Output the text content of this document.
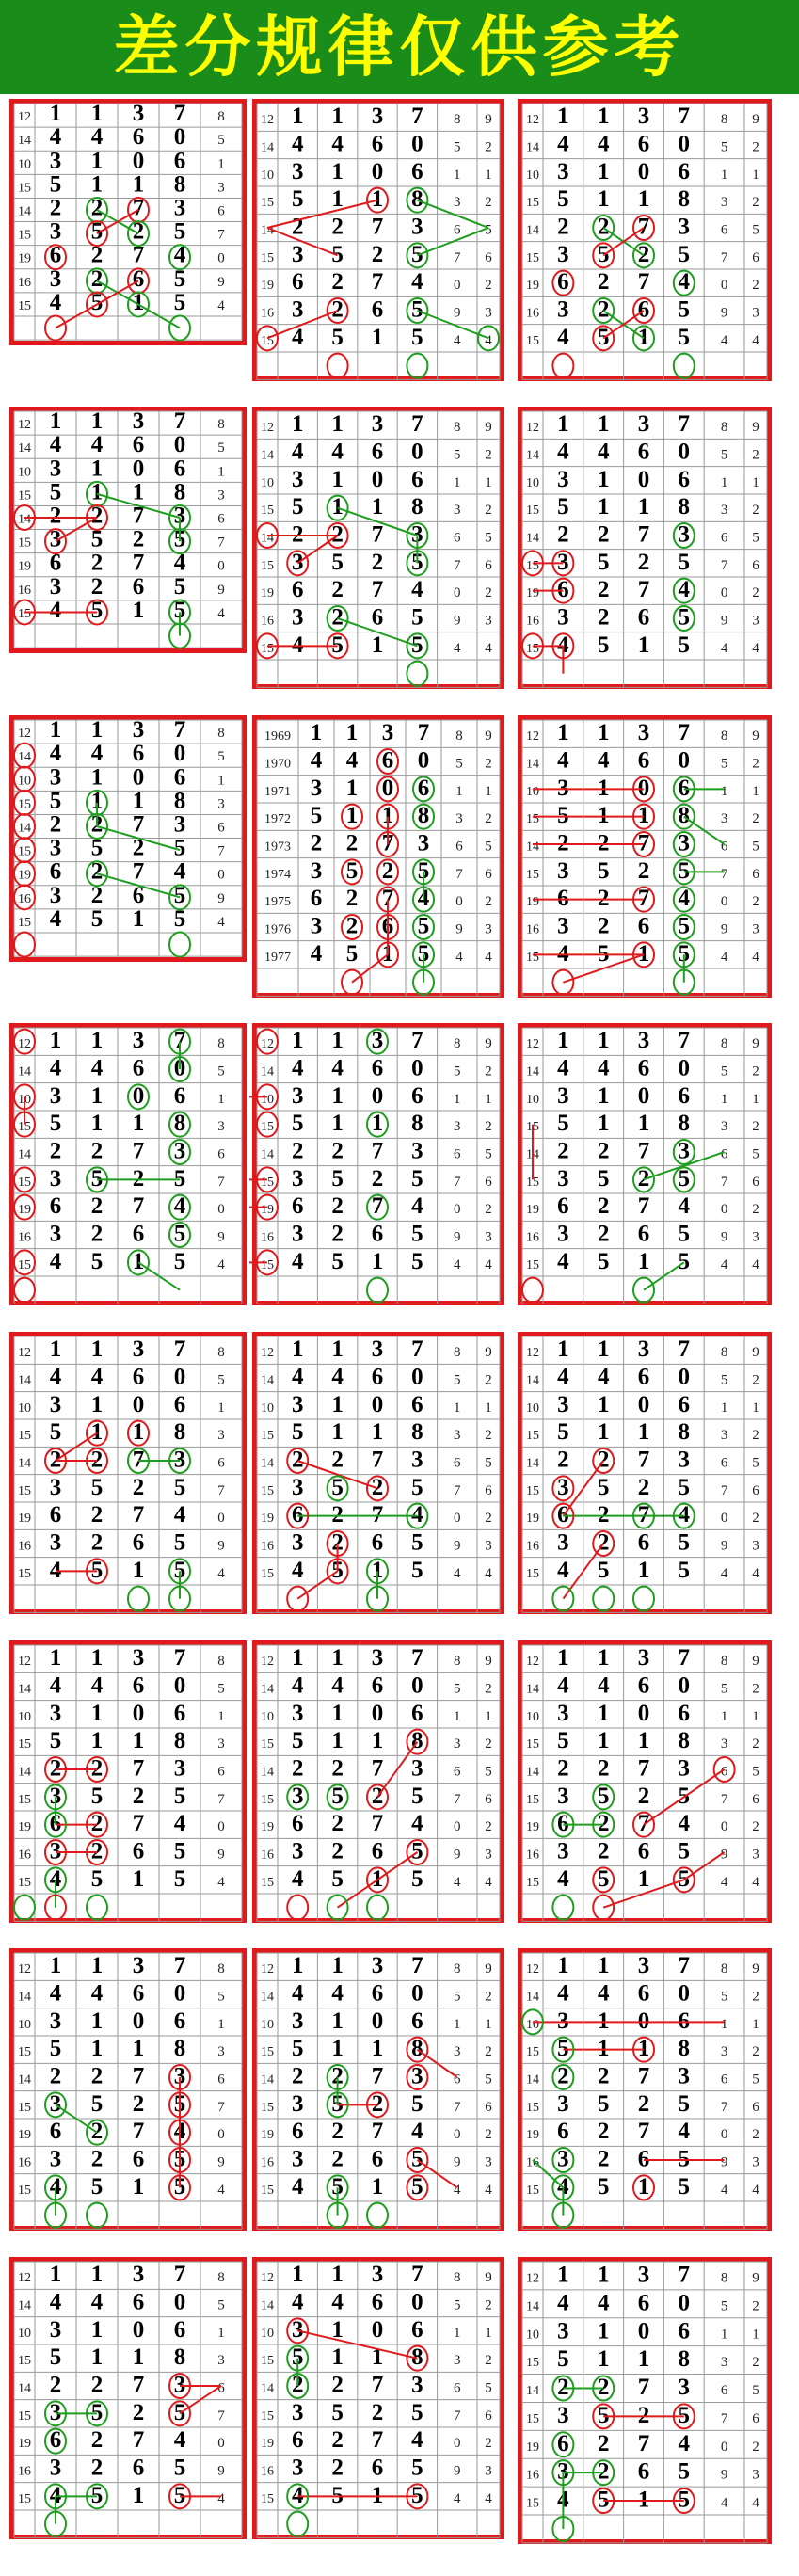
差分规律仅供参考
12 1 1 3 7 8
14 4 4 6 0 5
10 3 1 0 6 1
15 5 1 1 8 3
14 2 2 7 3 6
15 3 5 2 5 7
19 6 2 7 4 0
16 3 2 6 5 9
15 4 5 1 5 4
12 1 1 3 7 8 9
14 4 4 6 0 5 2
10 3 1 0 6 1 1
15 5 1 1 8 3 2
14 2 2 7 3 6 5
15 3 5 2 5 7 6
19 6 2 7 4 0 2
16 3 2 6 5 9 3
15 4 5 1 5 4 4
12 1 1 3 7 8 9
14 4 4 6 0 5 2
10 3 1 0 6 1 1
15 5 1 1 8 3 2
14 2 2 7 3 6 5
15 3 5 2 5 7 6
19 6 2 7 4 0 2
16 3 2 6 5 9 3
15 4 5 1 5 4 4
12 1 1 3 7 8
14 4 4 6 0 5
10 3 1 0 6 1
15 5 1 1 8 3
14 2 2 7 3 6
15 3 5 2 5 7
19 6 2 7 4 0
16 3 2 6 5 9
15 4 5 1 5 4
12 1 1 3 7 8 9
14 4 4 6 0 5 2
10 3 1 0 6 1 1
15 5 1 1 8 3 2
14 2 2 7 3 6 5
15 3 5 2 5 7 6
19 6 2 7 4 0 2
16 3 2 6 5 9 3
15 4 5 1 5 4 4
12 1 1 3 7 8 9
14 4 4 6 0 5 2
10 3 1 0 6 1 1
15 5 1 1 8 3 2
14 2 2 7 3 6 5
15 3 5 2 5 7 6
19 6 2 7 4 0 2
16 3 2 6 5 9 3
15 4 5 1 5 4 4
12 1 1 3 7 8
14 4 4 6 0 5
10 3 1 0 6 1
15 5 1 1 8 3
14 2 2 7 3 6
15 3 5 2 5 7
19 6 2 7 4 0
16 3 2 6 5 9
15 4 5 1 5 4
1969 1 1 3 7 8 9
1970 4 4 6 0 5 2
1971 3 1 0 6 1 1
1972 5 1 1 8 3 2
1973 2 2 7 3 6 5
1974 3 5 2 5 7 6
1975 6 2 7 4 0 2
1976 3 2 6 5 9 3
1977 4 5 1 5 4 4
12 1 1 3 7 8 9
14 4 4 6 0 5 2
10 3 1 0 6 1 1
15 5 1 1 8 3 2
14 2 2 7 3 6 5
15 3 5 2 5 7 6
19 6 2 7 4 0 2
16 3 2 6 5 9 3
15 4 5 1 5 4 4
12 1 1 3 7 8
14 4 4 6 0 5
10 3 1 0 6 1
15 5 1 1 8 3
14 2 2 7 3 6
15 3 5 2 5 7
19 6 2 7 4 0
16 3 2 6 5 9
15 4 5 1 5 4
12 1 1 3 7 8 9
14 4 4 6 0 5 2
10 3 1 0 6 1 1
15 5 1 1 8 3 2
14 2 2 7 3 6 5
15 3 5 2 5 7 6
19 6 2 7 4 0 2
16 3 2 6 5 9 3
15 4 5 1 5 4 4
12 1 1 3 7 8 9
14 4 4 6 0 5 2
10 3 1 0 6 1 1
15 5 1 1 8 3 2
14 2 2 7 3 6 5
15 3 5 2 5 7 6
19 6 2 7 4 0 2
16 3 2 6 5 9 3
15 4 5 1 5 4 4
12 1 1 3 7 8
14 4 4 6 0 5
10 3 1 0 6 1
15 5 1 1 8 3
14 2 2 7 3 6
15 3 5 2 5 7
19 6 2 7 4 0
16 3 2 6 5 9
15 4 5 1 5 4
12 1 1 3 7 8 9
14 4 4 6 0 5 2
10 3 1 0 6 1 1
15 5 1 1 8 3 2
14 2 2 7 3 6 5
15 3 5 2 5 7 6
19 6 2 7 4 0 2
16 3 2 6 5 9 3
15 4 5 1 5 4 4
12 1 1 3 7 8 9
14 4 4 6 0 5 2
10 3 1 0 6 1 1
15 5 1 1 8 3 2
14 2 2 7 3 6 5
15 3 5 2 5 7 6
19 6 2 7 4 0 2
16 3 2 6 5 9 3
15 4 5 1 5 4 4
12 1 1 3 7 8
14 4 4 6 0 5
10 3 1 0 6 1
15 5 1 1 8 3
14 2 2 7 3 6
15 3 5 2 5 7
19 6 2 7 4 0
16 3 2 6 5 9
15 4 5 1 5 4
12 1 1 3 7 8 9
14 4 4 6 0 5 2
10 3 1 0 6 1 1
15 5 1 1 8 3 2
14 2 2 7 3 6 5
15 3 5 2 5 7 6
19 6 2 7 4 0 2
16 3 2 6 5 9 3
15 4 5 1 5 4 4
12 1 1 3 7 8 9
14 4 4 6 0 5 2
10 3 1 0 6 1 1
15 5 1 1 8 3 2
14 2 2 7 3 6 5
15 3 5 2 5 7 6
19 6 2 7 4 0 2
16 3 2 6 5 9 3
15 4 5 1 5 4 4
12 1 1 3 7 8
14 4 4 6 0 5
10 3 1 0 6 1
15 5 1 1 8 3
14 2 2 7 3 6
15 3 5 2 5 7
19 6 2 7 4 0
16 3 2 6 5 9
15 4 5 1 5 4
12 1 1 3 7 8 9
14 4 4 6 0 5 2
10 3 1 0 6 1 1
15 5 1 1 8 3 2
14 2 2 7 3 6 5
15 3 5 2 5 7 6
19 6 2 7 4 0 2
16 3 2 6 5 9 3
15 4 5 1 5 4 4
12 1 1 3 7 8 9
14 4 4 6 0 5 2
10 3 1 0 6 1 1
15 5 1 1 8 3 2
14 2 2 7 3 6 5
15 3 5 2 5 7 6
19 6 2 7 4 0 2
16 3 2 6 5 9 3
15 4 5 1 5 4 4
12 1 1 3 7 8
14 4 4 6 0 5
10 3 1 0 6 1
15 5 1 1 8 3
14 2 2 7 3 6
15 3 5 2 5 7
19 6 2 7 4 0
16 3 2 6 5 9
15 4 5 1 5 4
12 1 1 3 7 8 9
14 4 4 6 0 5 2
10 3 1 0 6 1 1
15 5 1 1 8 3 2
14 2 2 7 3 6 5
15 3 5 2 5 7 6
19 6 2 7 4 0 2
16 3 2 6 5 9 3
15 4 5 1 5 4 4
12 1 1 3 7 8 9
14 4 4 6 0 5 2
10 3 1 0 6 1 1
15 5 1 1 8 3 2
14 2 2 7 3 6 5
15 3 5 2 5 7 6
19 6 2 7 4 0 2
16 3 2 6 5 9 3
15 4 5 1 5 4 4
